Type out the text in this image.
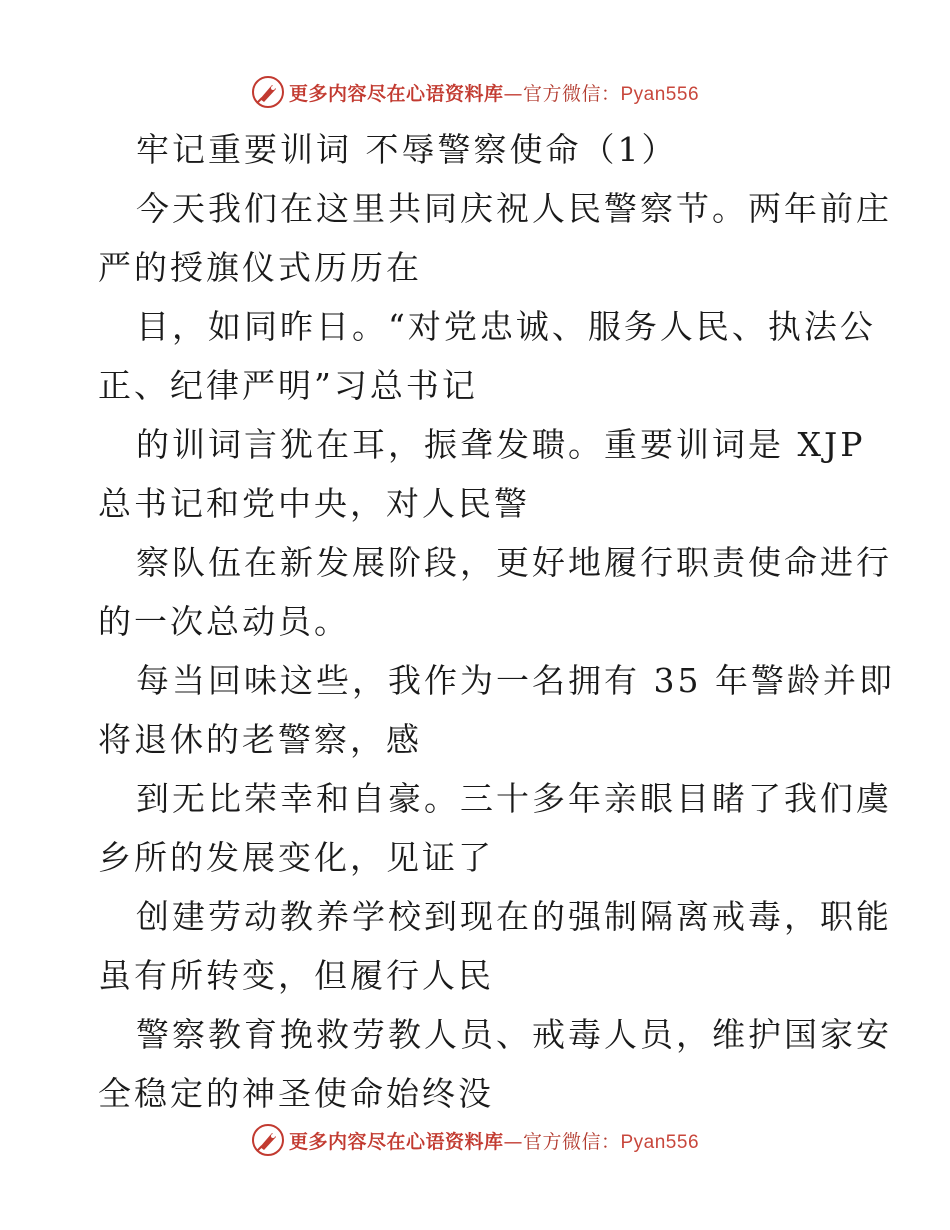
更多内容尽在心语资料库—官方微信：Pyan556
牢记重要训词 不辱警察使命（1）
今天我们在这里共同庆祝人民警察节。两年前庄
严的授旗仪式历历在
目，如同昨日。“对党忠诚、服务人民、执法公
正、纪律严明”习总书记
的训词言犹在耳，振聋发聩。重要训词是 XJP
总书记和党中央，对人民警
察队伍在新发展阶段，更好地履行职责使命进行
的一次总动员。
每当回味这些，我作为一名拥有 35 年警龄并即
将退休的老警察，感
到无比荣幸和自豪。三十多年亲眼目睹了我们虞
乡所的发展变化，见证了
创建劳动教养学校到现在的强制隔离戒毒，职能
虽有所转变，但履行人民
警察教育挽救劳教人员、戒毒人员，维护国家安
全稳定的神圣使命始终没
更多内容尽在心语资料库—官方微信：Pyan556
